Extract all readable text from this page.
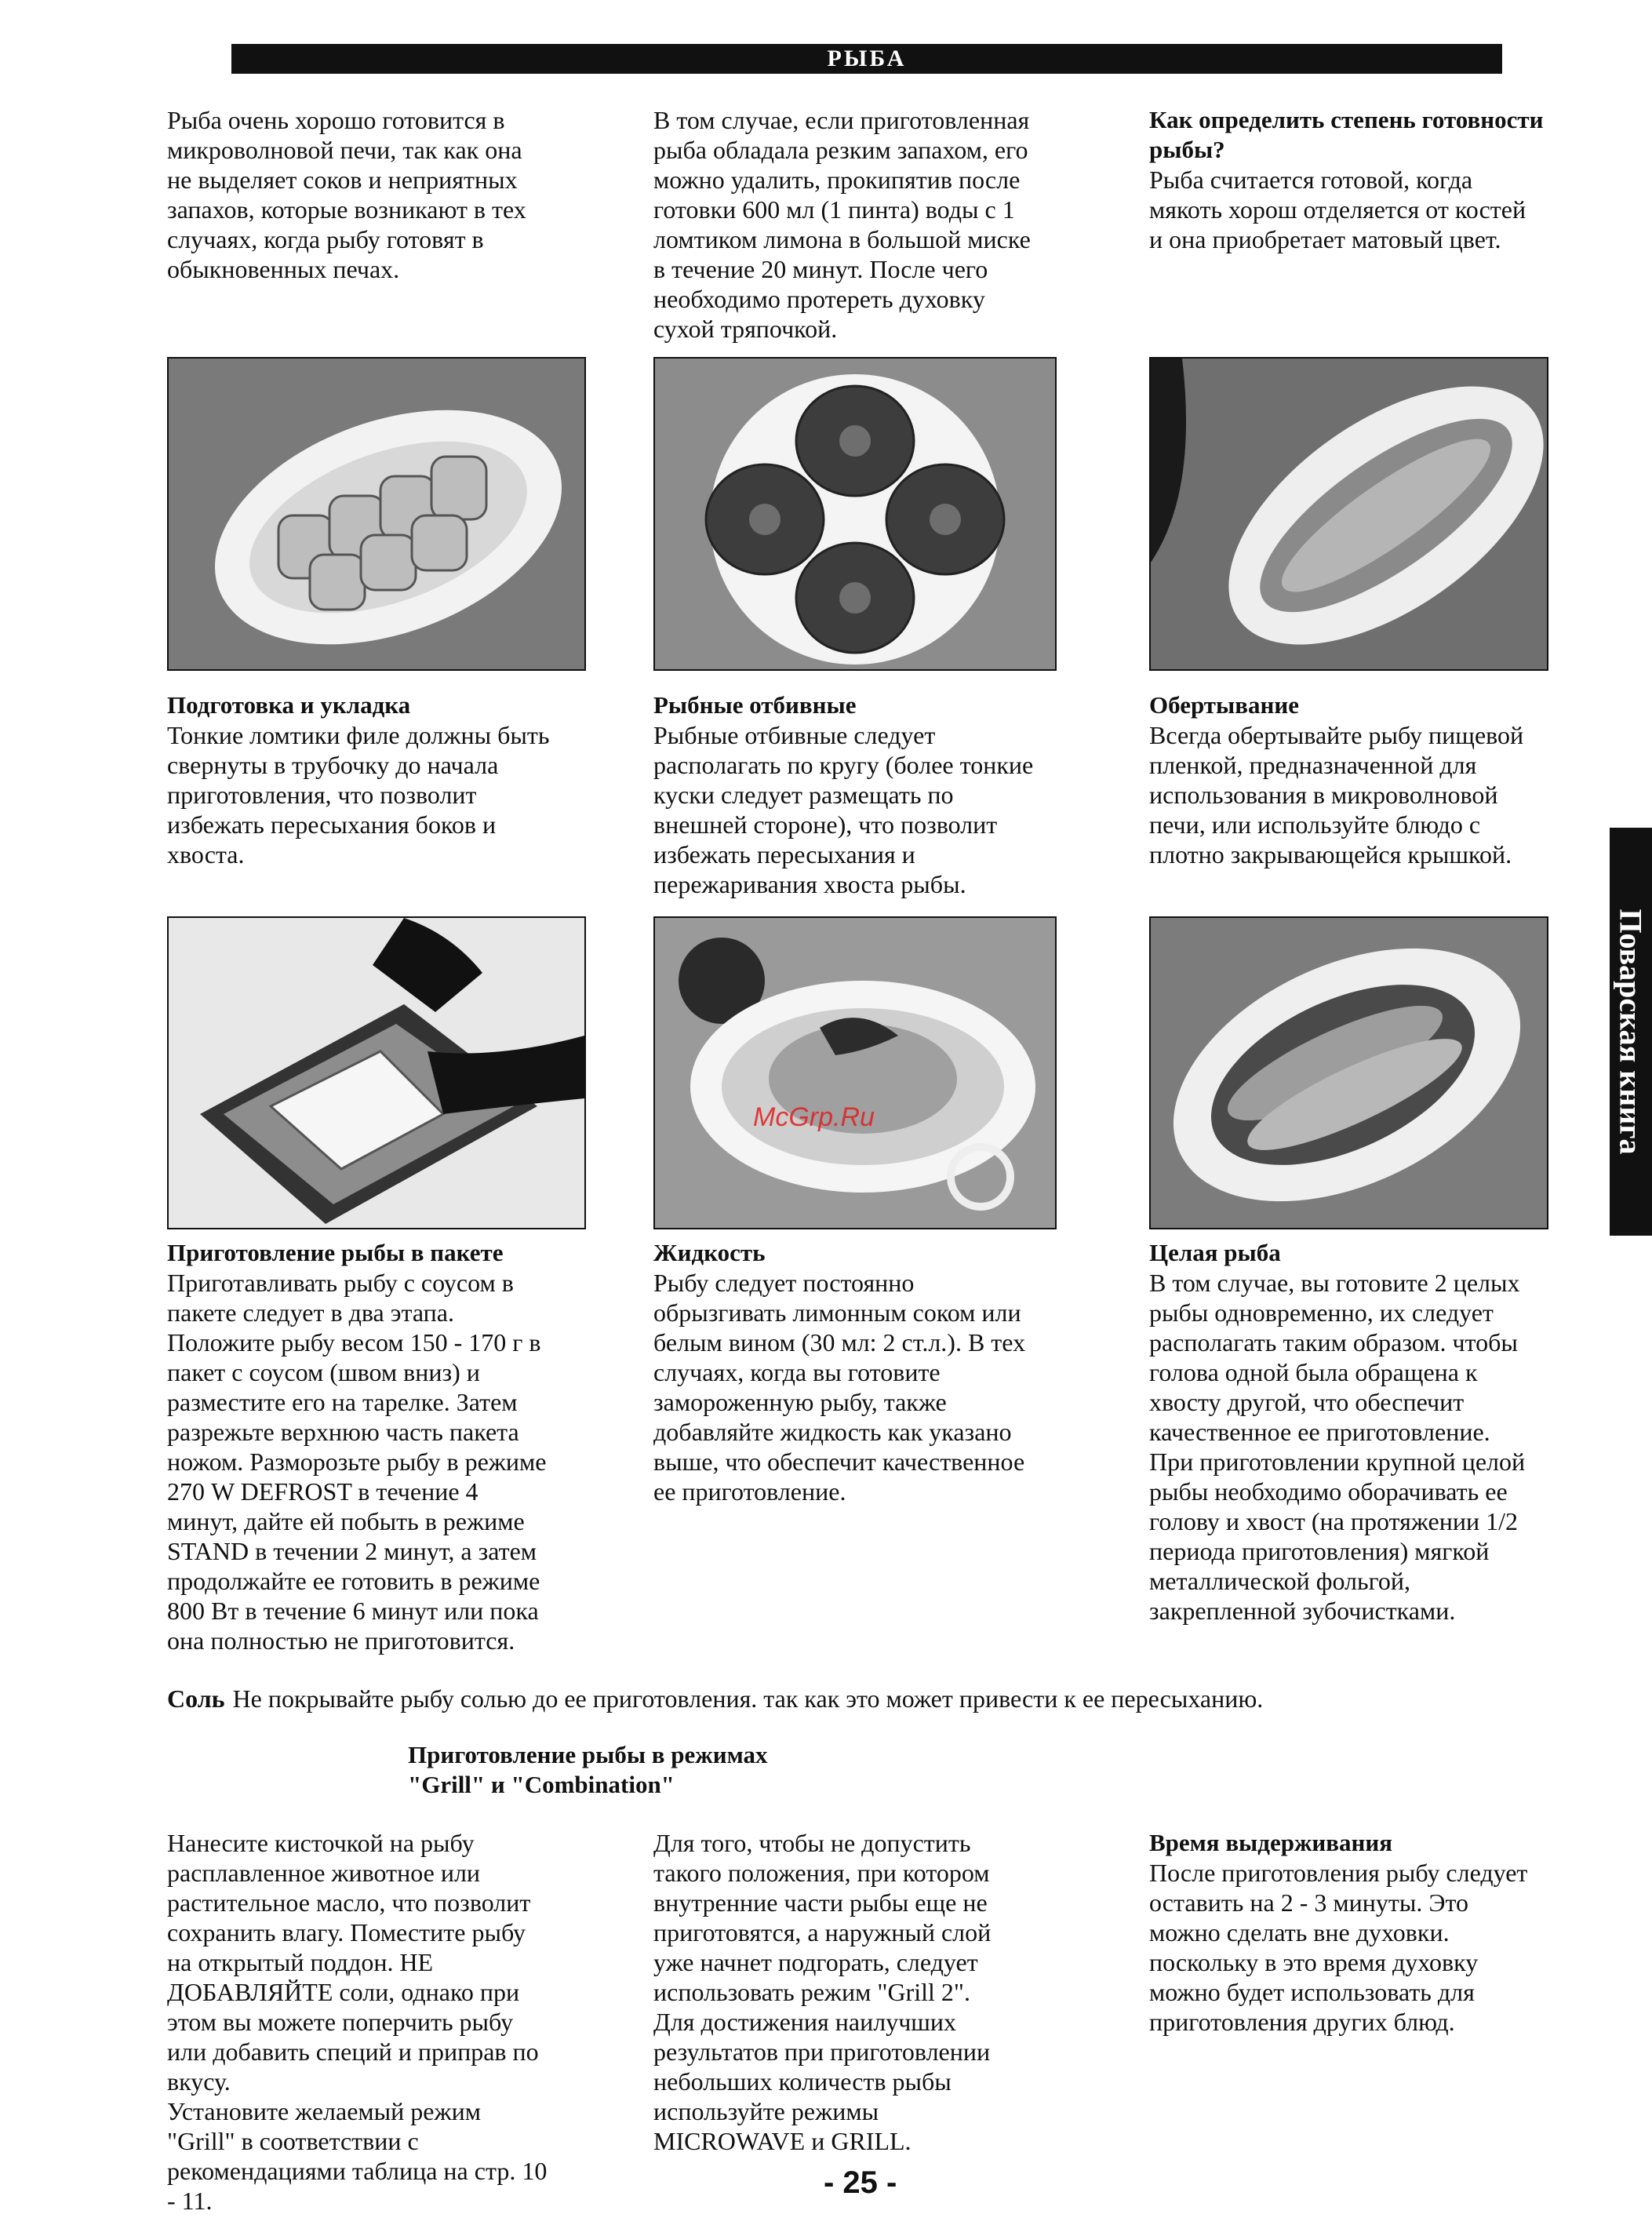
РЫБА

Рыба очень хорошо готовится в
микроволновой печи, так как она
не выделяет соков и неприятных
запахов, которые возникают в тех
случаях, когда рыбу готовят в
обыкновенных печах.

В том случае, если приготовленная
рыба обладала резким запахом, его
можно удалить, прокипятив после
готовки 600 мл (1 пинта) воды с 1
ломтиком лимона в большой миске
в течение 20 минут. После чего
необходимо протереть духовку
сухой тряпочкой.

Как определить степень готовности
рыбы?

Рыба считается готовой, когда
мякоть хорош отделяется от костей
и она приобретает матовый цвет.

Подготовка и укладка

Тонкие ломтики филе должны быть
свернуты в трубочку до начала
приготовления, что позволит
избежать пересыхания боков и
хвоста.

Рыбные отбивные

Рыбные отбивные следует
располагать по кругу (более тонкие
куски следует размещать по
внешней стороне), что позволит
избежать пересыхания и
пережаривания хвоста рыбы.

Обертывание

Всегда обертывайте рыбу пищевой
пленкой, предназначенной для
использования в микроволновой
печи, или используйте блюдо с
плотно закрывающейся крышкой.

Приготовление рыбы в пакете

Приготавливать рыбу с соусом в
пакете следует в два этапа.
Положите рыбу весом 150 - 170 г в
пакет с соусом (швом вниз) и
разместите его на тарелке. Затем
разрежьте верхнюю часть пакета
ножом. Разморозьте рыбу в режиме
270 W DEFROST в течение 4
минут, дайте ей побыть в режиме
STAND в течении 2 минут, а затем
продолжайте ее готовить в режиме
800 Вт в течение 6 минут или пока
она полностью не приготовится.

Жидкость

Рыбу следует постоянно
обрызгивать лимонным соком или
белым вином (30 мл: 2 ст.л.). В тех
случаях, когда вы готовите
замороженную рыбу, также
добавляйте жидкость как указано
выше, что обеспечит качественное
ее приготовление.

Целая рыба

В том случае, вы готовите 2 целых
рыбы одновременно, их следует
располагать таким образом. чтобы
голова одной была обращена к
хвосту другой, что обеспечит
качественное ее приготовление.
При приготовлении крупной целой
рыбы необходимо оборачивать ее
голову и хвост (на протяжении 1/2
периода приготовления) мягкой
металлической фольгой,
закрепленной зубочистками.

Поварская книга
McGrp.Ru
Соль Не покрывайте рыбу солью до ее приготовления. так как это может привести к ее пересыханию.
Приготовление рыбы в режимах
"Grill" и "Combination"

Нанесите кисточкой на рыбу
расплавленное животное или
растительное масло, что позволит
сохранить влагу. Поместите рыбу
на открытый поддон. НЕ
ДОБАВЛЯЙТЕ соли, однако при
этом вы можете поперчить рыбу
или добавить специй и приправ по
вкусу.
Установите желаемый режим
"Grill" в соответствии с
рекомендациями таблица на стр. 10
- 11.

Для того, чтобы не допустить
такого положения, при котором
внутренние части рыбы еще не
приготовятся, а наружный слой
уже начнет подгорать, следует
использовать режим "Grill 2".
Для достижения наилучших
результатов при приготовлении
небольших количеств рыбы
используйте режимы
MICROWAVE и GRILL.

Время выдерживания

После приготовления рыбу следует
оставить на 2 - 3 минуты. Это
можно сделать вне духовки.
поскольку в это время духовку
можно будет использовать для
приготовления других блюд.

- 25 -
